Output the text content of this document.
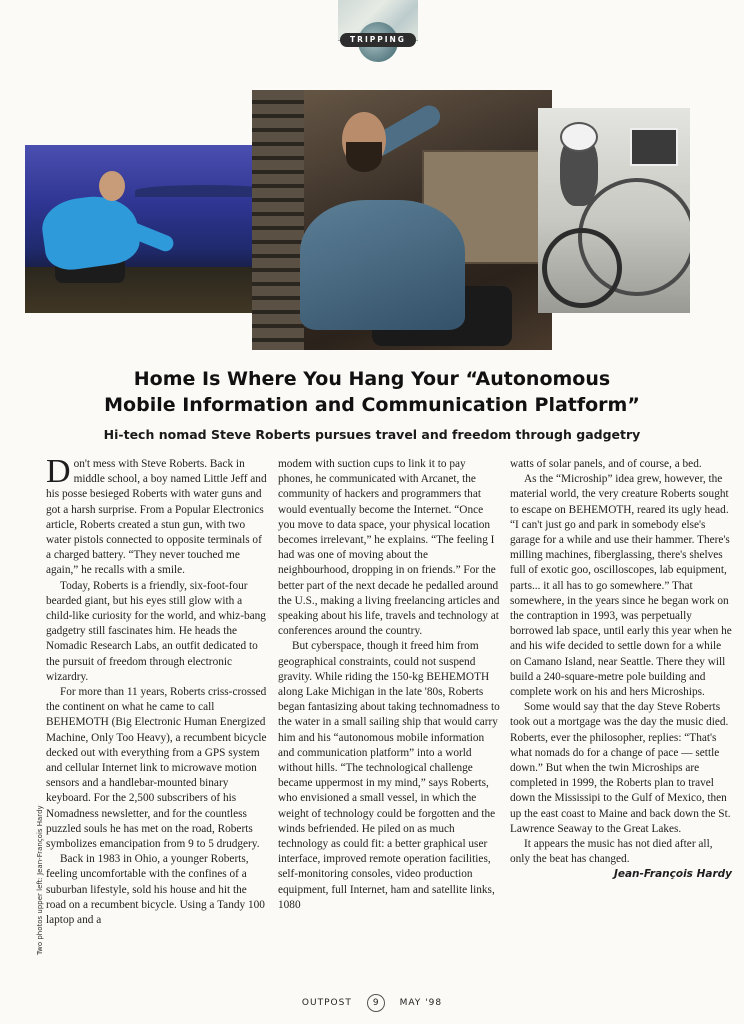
TRIPPING
Home Is Where You Hang Your “Autonomous
Mobile Information and Communication Platform”
Hi-tech nomad Steve Roberts pursues travel and freedom through gadgetry

Don't mess with Steve Roberts. Back in middle school, a boy named Little Jeff and his posse besieged Roberts with water guns and got a harsh surprise. From a Popular Electronics article, Roberts created a stun gun, with two water pistols connected to opposite terminals of a charged battery. “They never touched me again,” he recalls with a smile.

Today, Roberts is a friendly, six-foot-four bearded giant, but his eyes still glow with a child-like curiosity for the world, and whiz-bang gadgetry still fascinates him. He heads the Nomadic Research Labs, an outfit dedicated to the pursuit of freedom through electronic wizardry.

For more than 11 years, Roberts criss-crossed the continent on what he came to call BEHEMOTH (Big Electronic Human Energized Machine, Only Too Heavy), a recumbent bicycle decked out with everything from a GPS system and cellular Internet link to microwave motion sensors and a handlebar-mounted binary keyboard. For the 2,500 subscribers of his Nomadness newsletter, and for the countless puzzled souls he has met on the road, Roberts symbolizes emancipation from 9 to 5 drudgery.

Back in 1983 in Ohio, a younger Roberts, feeling uncomfortable with the confines of a suburban lifestyle, sold his house and hit the road on a recumbent bicycle. Using a Tandy 100 laptop and a

modem with suction cups to link it to pay phones, he communicated with Arcanet, the community of hackers and programmers that would eventually become the Internet. “Once you move to data space, your physical location becomes irrelevant,” he explains. “The feeling I had was one of moving about the neighbourhood, dropping in on friends.” For the better part of the next decade he pedalled around the U.S., making a living freelancing articles and speaking about his life, travels and technology at conferences around the country.

But cyberspace, though it freed him from geographical constraints, could not suspend gravity. While riding the 150-kg BEHEMOTH along Lake Michigan in the late '80s, Roberts began fantasizing about taking technomadness to the water in a small sailing ship that would carry him and his “autonomous mobile information and communication platform” into a world without hills. “The technological challenge became uppermost in my mind,” says Roberts, who envisioned a small vessel, in which the weight of technology could be forgotten and the winds befriended. He piled on as much technology as could fit: a better graphical user interface, improved remote operation facilities, self-monitoring consoles, video production equipment, full Internet, ham and satellite links, 1080

watts of solar panels, and of course, a bed.

As the “Microship” idea grew, however, the material world, the very creature Roberts sought to escape on BEHEMOTH, reared its ugly head. “I can't just go and park in somebody else's garage for a while and use their hammer. There's milling machines, fiberglassing, there's shelves full of exotic goo, oscilloscopes, lab equipment, parts... it all has to go somewhere.” That somewhere, in the years since he began work on the contraption in 1993, was perpetually borrowed lab space, until early this year when he and his wife decided to settle down for a while on Camano Island, near Seattle. There they will build a 240-square-metre pole building and complete work on his and hers Microships.

Some would say that the day Steve Roberts took out a mortgage was the day the music died. Roberts, ever the philosopher, replies: “That's what nomads do for a change of pace — settle down.” But when the twin Microships are completed in 1999, the Roberts plan to travel down the Mississipi to the Gulf of Mexico, then up the east coast to Maine and back down the St. Lawrence Seaway to the Great Lakes.

It appears the music has not died after all, only the beat has changed.

Jean-François Hardy

Two photos upper left: Jean-François Hardy
OUTPOST 9 MAY '98
